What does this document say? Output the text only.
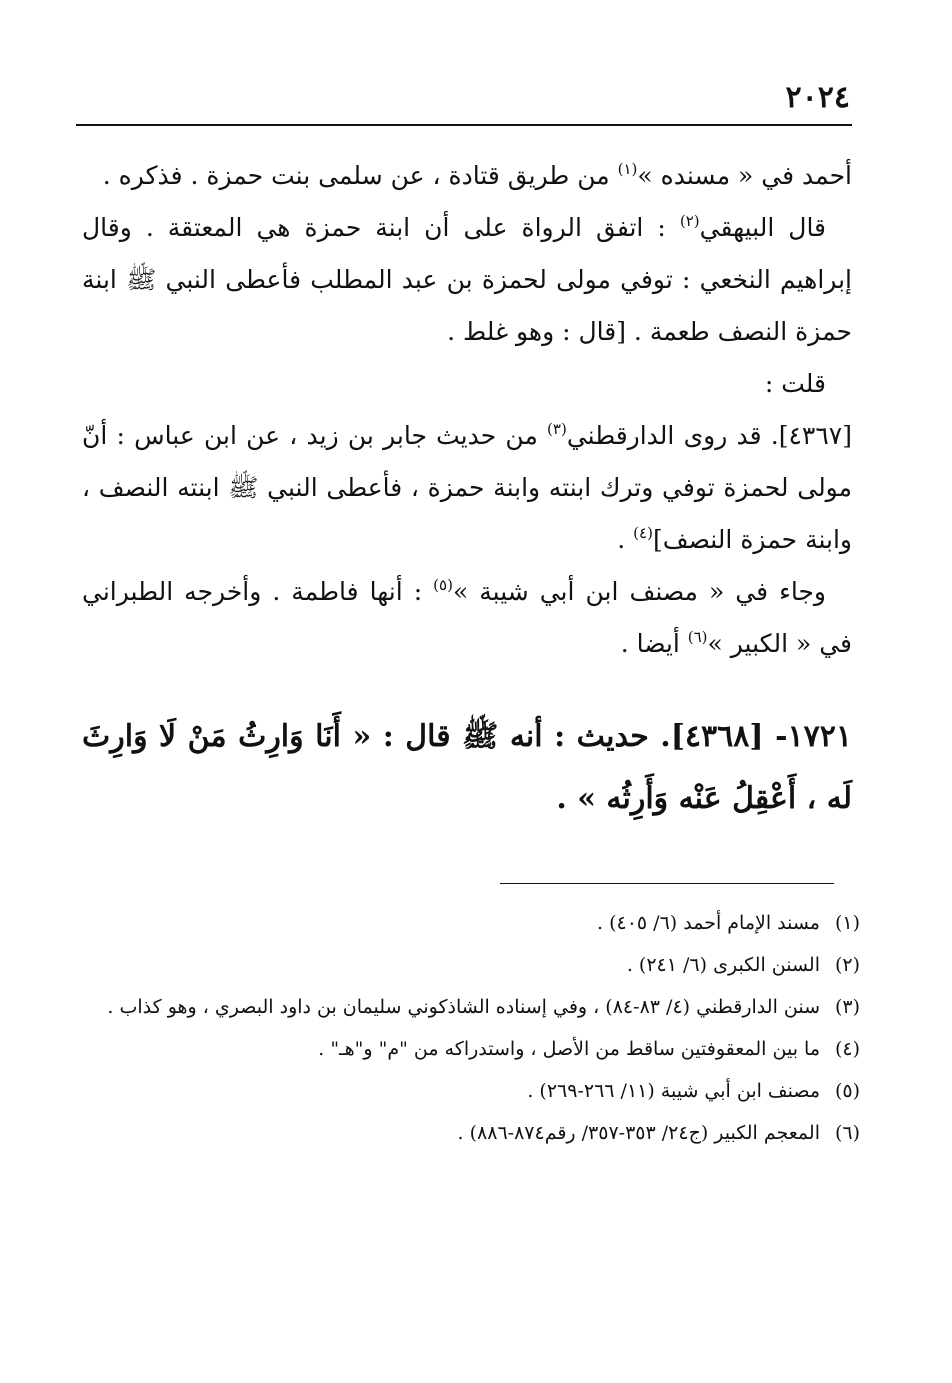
٢٠٢٤

أحمد في « مسنده »$^{(١)}$ من طريق قتادة ، عن سلمى بنت حمزة . فذكره .

قال البيهقي$^{(٢)}$ : اتفق الرواة على أن ابنة حمزة هي المعتقة . وقال إبراهيم النخعي : توفي مولى لحمزة بن عبد المطلب فأعطى النبي ﷺ ابنة حمزة النصف طعمة . [قال : وهو غلط .

قلت :

[٤٣٦٧]. قد روى الدارقطني$^{(٣)}$ من حديث جابر بن زيد ، عن ابن عباس : أنّ مولى لحمزة توفي وترك ابنته وابنة حمزة ، فأعطى النبي ﷺ ابنته النصف ، وابنة حمزة النصف]$^{(٤)}$ .

وجاء في « مصنف ابن أبي شيبة »$^{(٥)}$ : أنها فاطمة . وأخرجه الطبراني في « الكبير »$^{(٦)}$ أيضا .

١٧٢١- [٤٣٦٨]. حديث : أنه ﷺ قال : « أَنَا وَارِثُ مَنْ لَا وَارِثَ لَه ، أَعْقِلُ عَنْه وَأَرِثُه » .

(١)
مسند الإمام أحمد (٦/ ٤٠٥) .
(٢)
السنن الكبرى (٦/ ٢٤١) .
(٣)
سنن الدارقطني (٤/ ٨٣-٨٤) ، وفي إسناده الشاذكوني سليمان بن داود البصري ، وهو كذاب .
(٤)
ما بين المعقوفتين ساقط من الأصل ، واستدراكه من "م" و"هـ" .
(٥)
مصنف ابن أبي شيبة (١١/ ٢٦٦-٢٦٩) .
(٦)
المعجم الكبير (ج٢٤/ ٣٥٣-٣٥٧/ رقم٨٧٤-٨٨٦) .
